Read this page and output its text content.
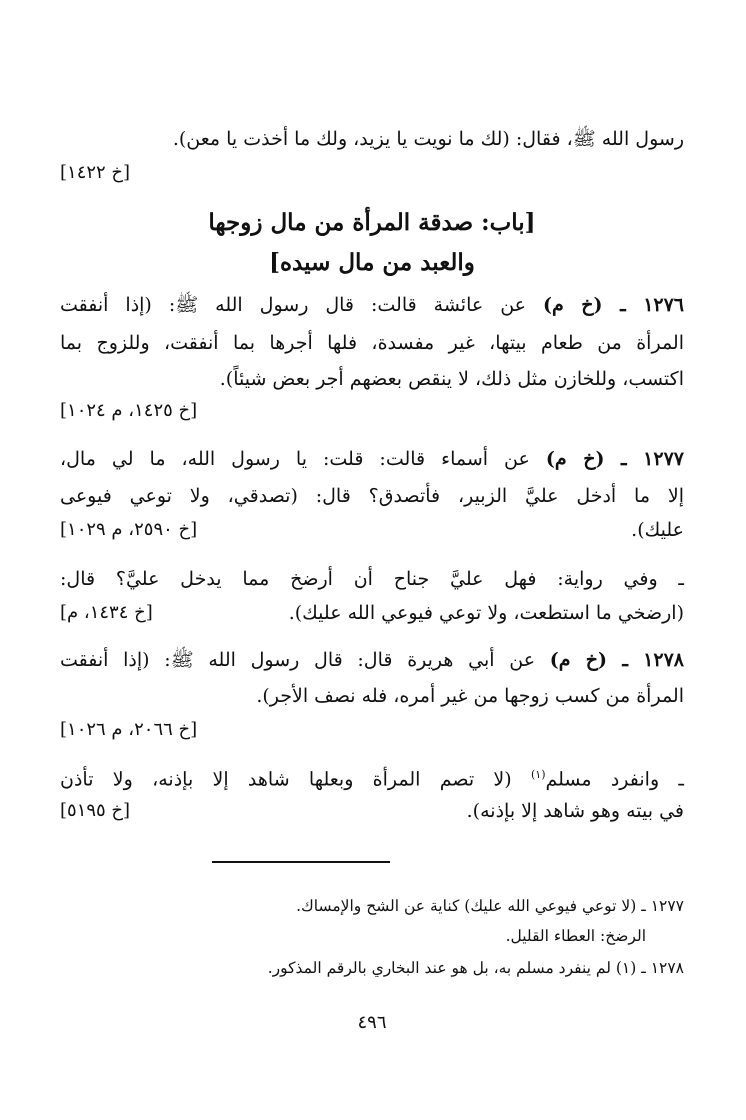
رسول الله ﷺ، فقال: (لك ما نويت يا يزيد، ولك ما أخذت يا معن).
[خ ١٤٢٢]
[باب: صدقة المرأة من مال زوجها
والعبد من مال سيده]
١٢٧٦ ـ (خ م) عن عائشة قالت: قال رسول الله ﷺ: (إذا أنفقت
المرأة من طعام بيتها، غير مفسدة، فلها أجرها بما أنفقت، وللزوج بما
اكتسب، وللخازن مثل ذلك، لا ينقص بعضهم أجر بعض شيئاً).
[خ ١٤٢٥، م ١٠٢٤]
١٢٧٧ ـ (خ م) عن أسماء قالت: قلت: يا رسول الله، ما لي مال،
إلا ما أدخل عليَّ الزبير، فأتصدق؟ قال: (تصدقي، ولا توعي فيوعى
عليك).
[خ ٢٥٩٠، م ١٠٢٩]
ـ وفي رواية: فهل عليَّ جناح أن أرضخ مما يدخل عليَّ؟ قال:
(ارضخي ما استطعت، ولا توعي فيوعي الله عليك).
[خ ١٤٣٤، م]
١٢٧٨ ـ (خ م) عن أبي هريرة قال: قال رسول الله ﷺ: (إذا أنفقت
المرأة من كسب زوجها من غير أمره، فله نصف الأجر).
[خ ٢٠٦٦، م ١٠٢٦]
ـ وانفرد مسلم$^{(١)}$ (لا تصم المرأة وبعلها شاهد إلا بإذنه، ولا تأذن
في بيته وهو شاهد إلا بإذنه).
[خ ٥١٩٥]
١٢٧٧ ـ (لا توعي فيوعي الله عليك) كناية عن الشح والإمساك.
الرضخ: العطاء القليل.
١٢٧٨ ـ (١) لم ينفرد مسلم به، بل هو عند البخاري بالرقم المذكور.
٤٩٦
